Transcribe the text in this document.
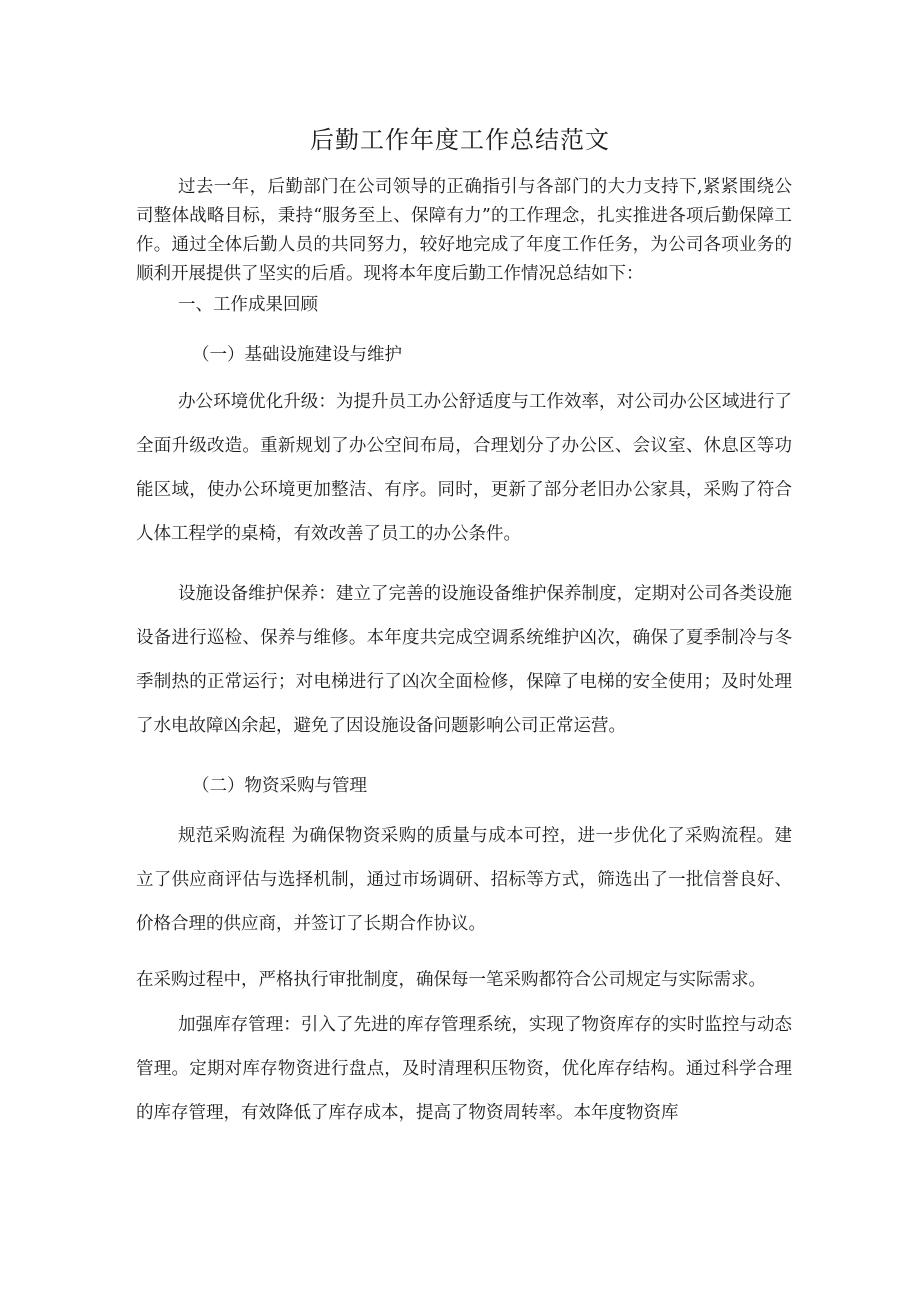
后勤工作年度工作总结范文

过去一年，后勤部门在公司领导的正确指引与各部门的大力支持下,紧紧围绕公司整体战略目标，秉持“服务至上、保障有力”的工作理念，扎实推进各项后勤保障工作。通过全体后勤人员的共同努力，较好地完成了年度工作任务，为公司各项业务的顺利开展提供了坚实的后盾。现将本年度后勤工作情况总结如下：

一、工作成果回顾

（一）基础设施建设与维护

办公环境优化升级：为提升员工办公舒适度与工作效率，对公司办公区域进行了全面升级改造。重新规划了办公空间布局，合理划分了办公区、会议室、休息区等功能区域，使办公环境更加整洁、有序。同时，更新了部分老旧办公家具，采购了符合人体工程学的桌椅，有效改善了员工的办公条件。

设施设备维护保养：建立了完善的设施设备维护保养制度，定期对公司各类设施设备进行巡检、保养与维修。本年度共完成空调系统维护凶次，确保了夏季制冷与冬季制热的正常运行；对电梯进行了凶次全面检修，保障了电梯的安全使用；及时处理了水电故障凶余起，避免了因设施设备问题影响公司正常运营。

（二）物资采购与管理

规范采购流程 为确保物资采购的质量与成本可控，进一步优化了采购流程。建立了供应商评估与选择机制，通过市场调研、招标等方式，筛选出了一批信誉良好、价格合理的供应商，并签订了长期合作协议。

在采购过程中，严格执行审批制度，确保每一笔采购都符合公司规定与实际需求。

加强库存管理：引入了先进的库存管理系统，实现了物资库存的实时监控与动态管理。定期对库存物资进行盘点，及时清理积压物资，优化库存结构。通过科学合理的库存管理，有效降低了库存成本，提高了物资周转率。本年度物资库
